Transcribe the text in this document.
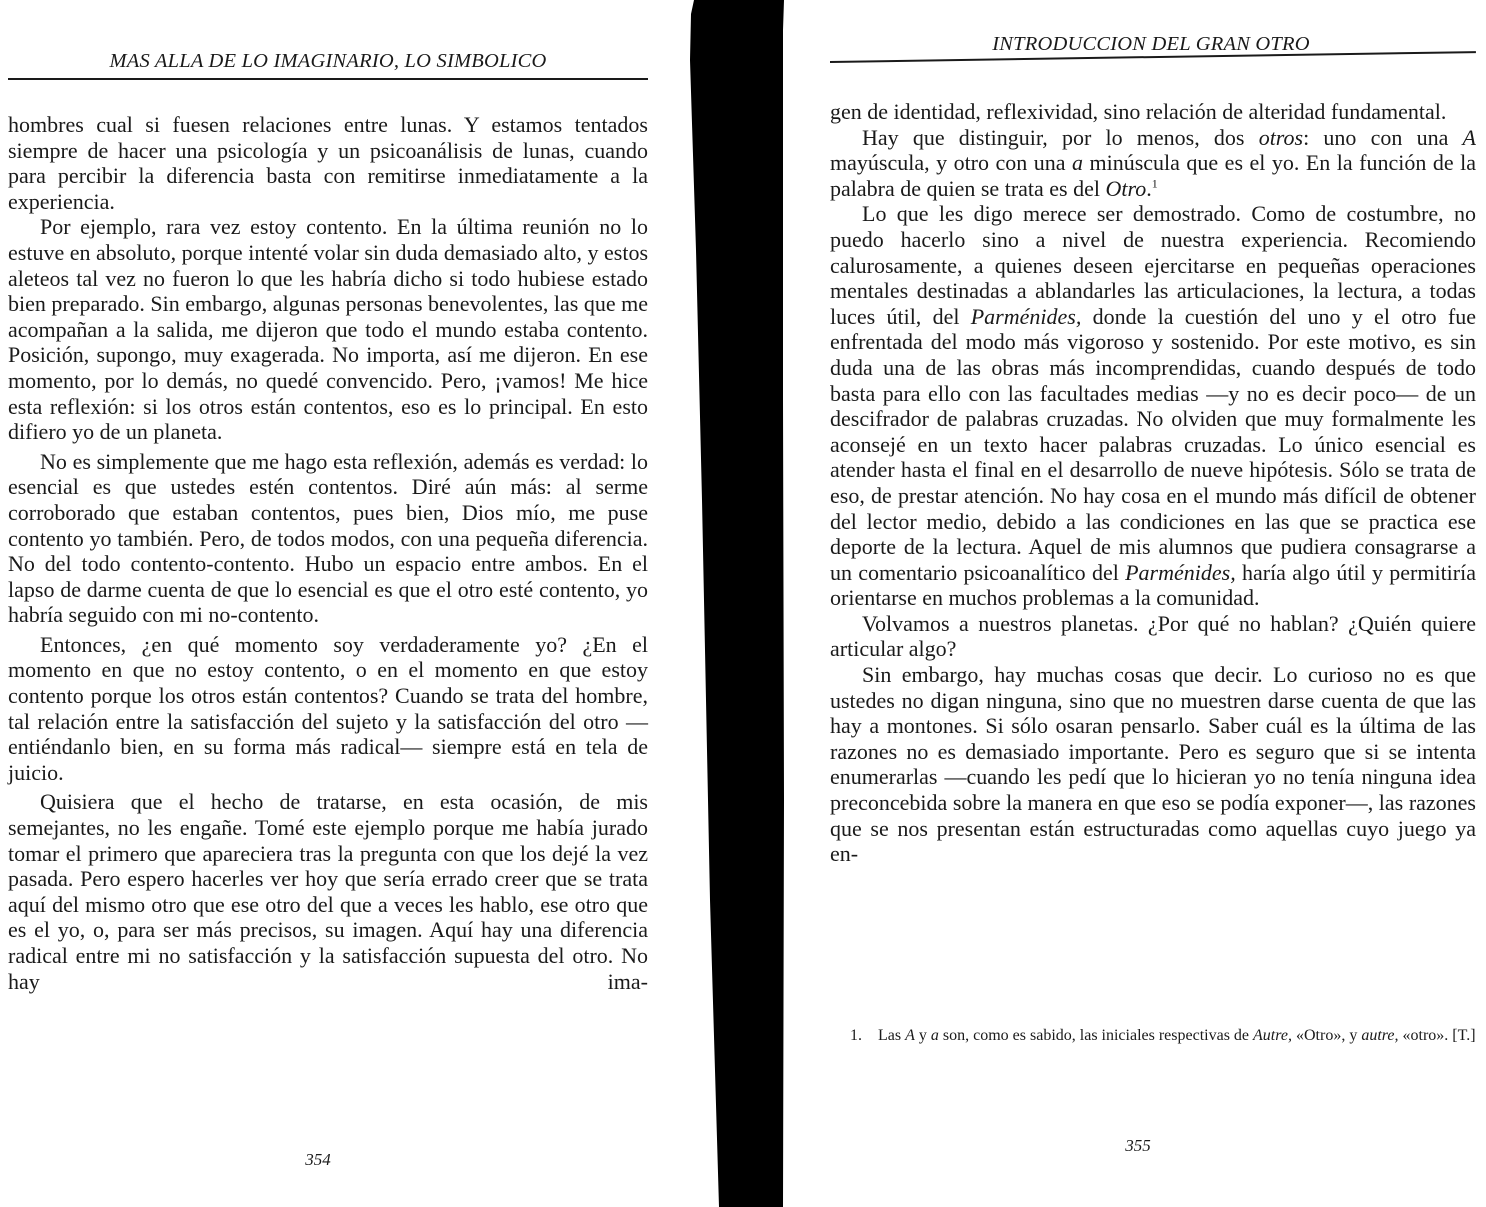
MAS ALLA DE LO IMAGINARIO, LO SIMBOLICO

hombres cual si fuesen relaciones entre lunas. Y estamos tentados siempre de hacer una psicología y un psicoanálisis de lunas, cuando para percibir la diferencia basta con remitirse inmediatamente a la experiencia.

Por ejemplo, rara vez estoy contento. En la última reunión no lo estuve en absoluto, porque intenté volar sin duda demasiado alto, y estos aleteos tal vez no fueron lo que les habría dicho si todo hubiese estado bien preparado. Sin embargo, algunas personas benevolentes, las que me acompañan a la salida, me dijeron que todo el mundo estaba contento. Posición, supongo, muy exagerada. No importa, así me dijeron. En ese momento, por lo demás, no quedé convencido. Pero, ¡vamos! Me hice esta reflexión: si los otros están contentos, eso es lo principal. En esto difiero yo de un planeta.

No es simplemente que me hago esta reflexión, además es verdad: lo esencial es que ustedes estén contentos. Diré aún más: al serme corroborado que estaban contentos, pues bien, Dios mío, me puse contento yo también. Pero, de todos modos, con una pequeña diferencia. No del todo contento-contento. Hubo un espacio entre ambos. En el lapso de darme cuenta de que lo esencial es que el otro esté contento, yo habría seguido con mi no-contento.

Entonces, ¿en qué momento soy verdaderamente yo? ¿En el momento en que no estoy contento, o en el momento en que estoy contento porque los otros están contentos? Cuando se trata del hombre, tal relación entre la satisfacción del sujeto y la satisfacción del otro —entiéndanlo bien, en su forma más radical— siempre está en tela de juicio.

Quisiera que el hecho de tratarse, en esta ocasión, de mis semejantes, no les engañe. Tomé este ejemplo porque me había jurado tomar el primero que apareciera tras la pregunta con que los dejé la vez pasada. Pero espero hacerles ver hoy que sería errado creer que se trata aquí del mismo otro que ese otro del que a veces les hablo, ese otro que es el yo, o, para ser más precisos, su imagen. Aquí hay una diferencia radical entre mi no satisfacción y la satisfacción supuesta del otro. No hay ima-

354
INTRODUCCION DEL GRAN OTRO

gen de identidad, reflexividad, sino relación de alteridad fundamental.

Hay que distinguir, por lo menos, dos otros: uno con una A mayúscula, y otro con una a minúscula que es el yo. En la función de la palabra de quien se trata es del Otro.$^1$

Lo que les digo merece ser demostrado. Como de costumbre, no puedo hacerlo sino a nivel de nuestra experiencia. Recomiendo calurosamente, a quienes deseen ejercitarse en pequeñas operaciones mentales destinadas a ablandarles las articulaciones, la lectura, a todas luces útil, del Parménides, donde la cuestión del uno y el otro fue enfrentada del modo más vigoroso y sostenido. Por este motivo, es sin duda una de las obras más incomprendidas, cuando después de todo basta para ello con las facultades medias —y no es decir poco— de un descifrador de palabras cruzadas. No olviden que muy formalmente les aconsejé en un texto hacer palabras cruzadas. Lo único esencial es atender hasta el final en el desarrollo de nueve hipótesis. Sólo se trata de eso, de prestar atención. No hay cosa en el mundo más difícil de obtener del lector medio, debido a las condiciones en las que se practica ese deporte de la lectura. Aquel de mis alumnos que pudiera consagrarse a un comentario psicoanalítico del Parménides, haría algo útil y permitiría orientarse en muchos problemas a la comunidad.

Volvamos a nuestros planetas. ¿Por qué no hablan? ¿Quién quiere articular algo?

Sin embargo, hay muchas cosas que decir. Lo curioso no es que ustedes no digan ninguna, sino que no muestren darse cuenta de que las hay a montones. Si sólo osaran pensarlo. Saber cuál es la última de las razones no es demasiado importante. Pero es seguro que si se intenta enumerarlas —cuando les pedí que lo hicieran yo no tenía ninguna idea preconcebida sobre la manera en que eso se podía exponer—, las razones que se nos presentan están estructuradas como aquellas cuyo juego ya en-

1. Las A y a son, como es sabido, las iniciales respectivas de Autre, «Otro», y autre, «otro». [T.]

355
